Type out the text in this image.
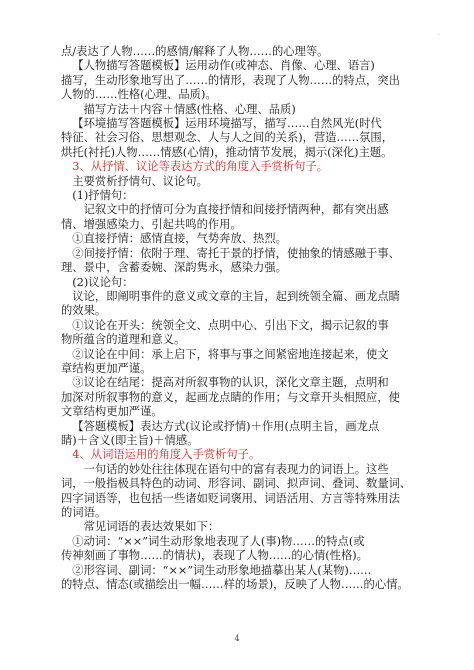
.
点/表达了人物……的感情/解释了人物……的心理等。
【人物描写答题模板】运用动作(或神态、肖像、心理、语言)
描写，生动形象地写出了……的情形，表现了人物……的特点，突出
人物的……性格(心理、品质)。
描写方法＋内容＋情感(性格、心理、品质)
【环境描写答题模板】运用环境描写，描写……自然风光(时代
特征、社会习俗、思想观念、人与人之间的关系)，营造……氛围，
烘托(衬托)人物……情感(心情)，推动情节发展，揭示(深化)主题。
3、从抒情、议论等表达方式的角度入手赏析句子。
主要赏析抒情句、议论句。
(1)抒情句：
记叙文中的抒情可分为直接抒情和间接抒情两种，都有突出感
情、增强感染力、引起共鸣的作用。
①直接抒情：感情直接，气势奔放、热烈。
②间接抒情：依附于理、寄托于景的抒情，使抽象的情感融于事、
理、景中，含蓄委婉、深韵隽永，感染力强。
(2)议论句：
议论，即阐明事件的意义或文章的主旨，起到统领全篇、画龙点睛
的效果。
①议论在开头：统领全文、点明中心、引出下文，揭示记叙的事
物所蕴含的道理和意义。
②议论在中间：承上启下，将事与事之间紧密地连接起来，使文
章结构更加严谨。
③议论在结尾：提高对所叙事物的认识，深化文章主题，点明和
加深对所叙事物的意义，起画龙点睛的作用；与文章开头相照应，使
文章结构更加严谨。
【答题模板】表达方式(议论或抒情)＋作用(点明主旨，画龙点
睛)＋含义(即主旨)＋情感。
4、从词语运用的角度入手赏析句子。
一句话的妙处往往体现在语句中的富有表现力的词语上。这些
词，一般指极具特色的动词、形容词、副词、拟声词、叠词、数量词、
四字词语等，也包括一些诸如贬词褒用、词语活用、方言等特殊用法
的词语。
常见词语的表达效果如下：
①动词：“××”词生动形象地表现了人(事)物……的特点(或
传神刻画了事物……的情状)，表现了人物……的心情(性格)。
②形容词、副词：“××”词生动形象地描摹出某人(某物)……
的特点、情态(或描绘出一幅……样的场景)，反映了人物……的心情。
4
